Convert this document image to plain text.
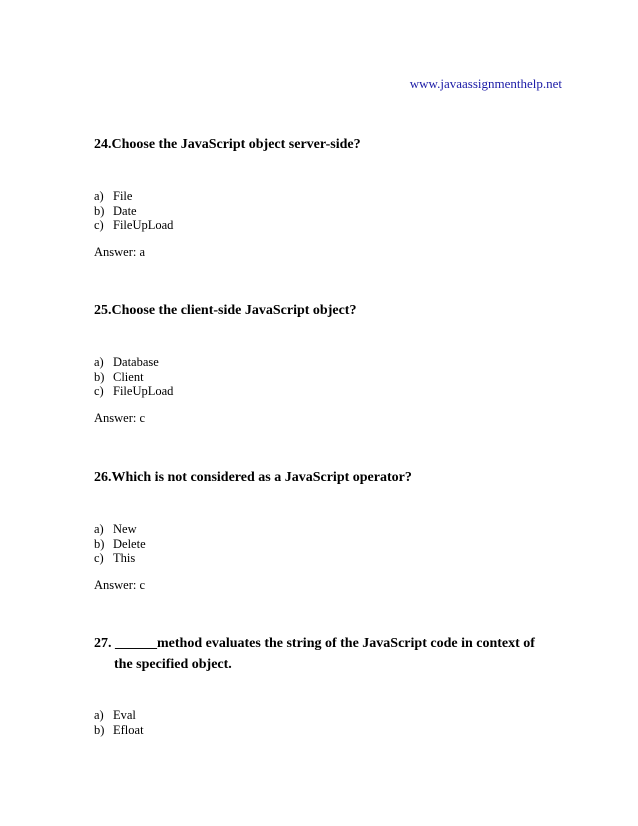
www.javaassignmenthelp.net
24.Choose the JavaScript object server-side?
a) File
b) Date
c) FileUpLoad
Answer: a
25.Choose the client-side JavaScript object?
a) Database
b) Client
c) FileUpLoad
Answer: c
26.Which is not considered as a JavaScript operator?
a) New
b) Delete
c) This
Answer: c
27. ______method evaluates the string of the JavaScript code in context of
the specified object.
a) Eval
b) Efloat
